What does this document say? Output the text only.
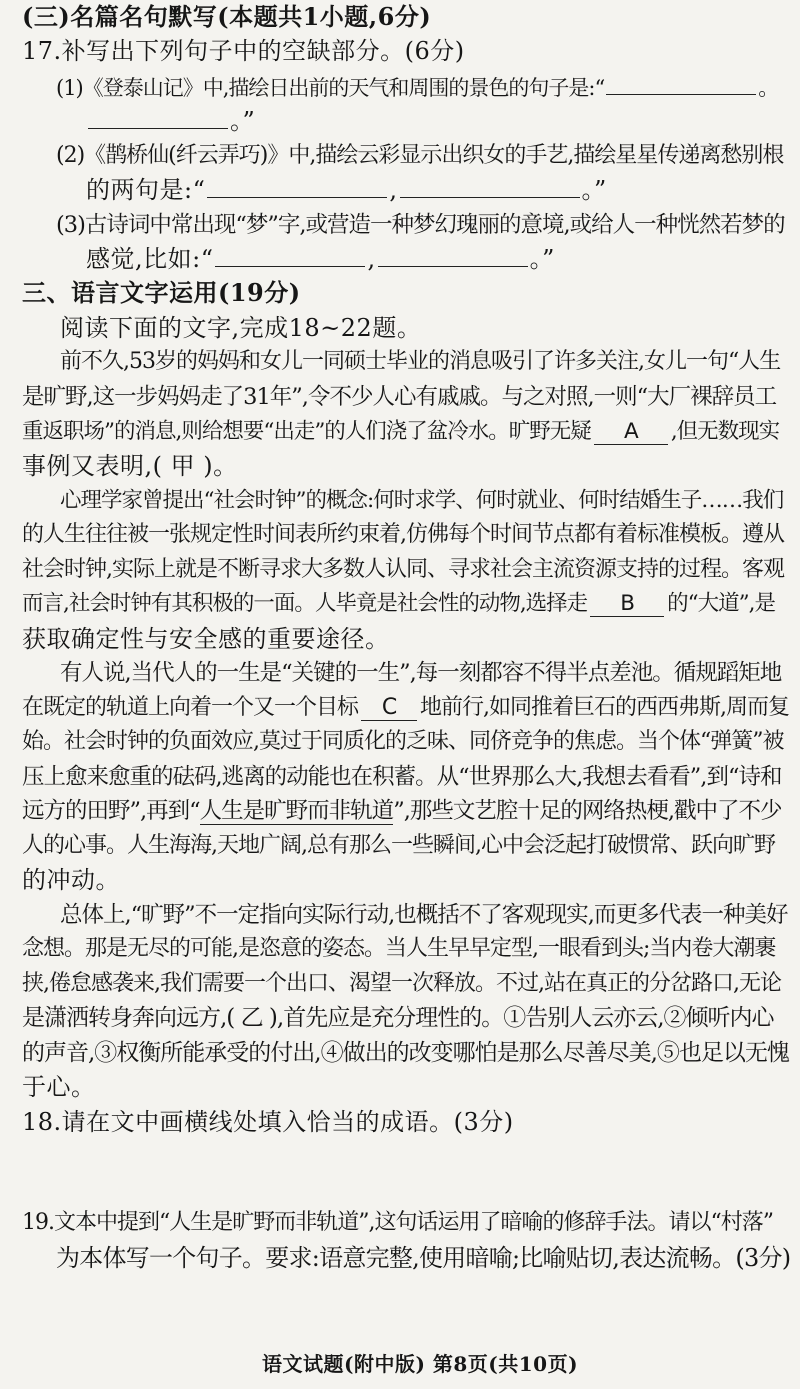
(三)名篇名句默写(本题共1小题,6分)
17.补写出下列句子中的空缺部分。(6分)
(1)《登泰山记》中,描绘日出前的天气和周围的景色的句子是:“	。
。”
(2)《鹊桥仙(纤云弄巧)》中,描绘云彩显示出织女的手艺,描绘星星传递离愁别根
的两句是:“	,	。”
(3)古诗词中常出现“梦”字,或营造一种梦幻瑰丽的意境,或给人一种恍然若梦的
感觉,比如:“	,	。”
三、语言文字运用(19分)
阅读下面的文字,完成18~22题。
前不久,53岁的妈妈和女儿一同硕士毕业的消息吸引了许多关注,女儿一句“人生
是旷野,这一步妈妈走了31年”,令不少人心有戚戚。与之对照,一则“大厂裸辞员工
重返职场”的消息,则给想要“出走”的人们浇了盆冷水。旷野无疑 A ,但无数现实
事例又表明,( 甲 )。
心理学家曾提出“社会时钟”的概念:何时求学、何时就业、何时结婚生子……我们
的人生往往被一张规定性时间表所约束着,仿佛每个时间节点都有着标准模板。遵从
社会时钟,实际上就是不断寻求大多数人认同、寻求社会主流资源支持的过程。客观
而言,社会时钟有其积极的一面。人毕竟是社会性的动物,选择走 B 的“大道”,是
获取确定性与安全感的重要途径。
有人说,当代人的一生是“关键的一生”,每一刻都容不得半点差池。循规蹈矩地
在既定的轨道上向着一个又一个目标 C 地前行,如同推着巨石的西西弗斯,周而复
始。社会时钟的负面效应,莫过于同质化的乏味、同侪竞争的焦虑。当个体“弹簧”被
压上愈来愈重的砝码,逃离的动能也在积蓄。从“世界那么大,我想去看看”,到“诗和
远方的田野”,再到“人生是旷野而非轨道”,那些文艺腔十足的网络热梗,戳中了不少
人的心事。人生海海,天地广阔,总有那么一些瞬间,心中会泛起打破惯常、跃向旷野
的冲动。
总体上,“旷野”不一定指向实际行动,也概括不了客观现实,而更多代表一种美好
念想。那是无尽的可能,是恣意的姿态。当人生早早定型,一眼看到头;当内卷大潮裹
挟,倦怠感袭来,我们需要一个出口、渴望一次释放。不过,站在真正的分岔路口,无论
是潇洒转身奔向远方,( 乙 ),首先应是充分理性的。①告别人云亦云,②倾听内心
的声音,③权衡所能承受的付出,④做出的改变哪怕是那么尽善尽美,⑤也足以无愧
于心。
18.请在文中画横线处填入恰当的成语。(3分)
19.文本中提到“人生是旷野而非轨道”,这句话运用了暗喻的修辞手法。请以“村落”
为本体写一个句子。要求:语意完整,使用暗喻;比喻贴切,表达流畅。(3分)
语文试题(附中版) 第8页(共10页)
